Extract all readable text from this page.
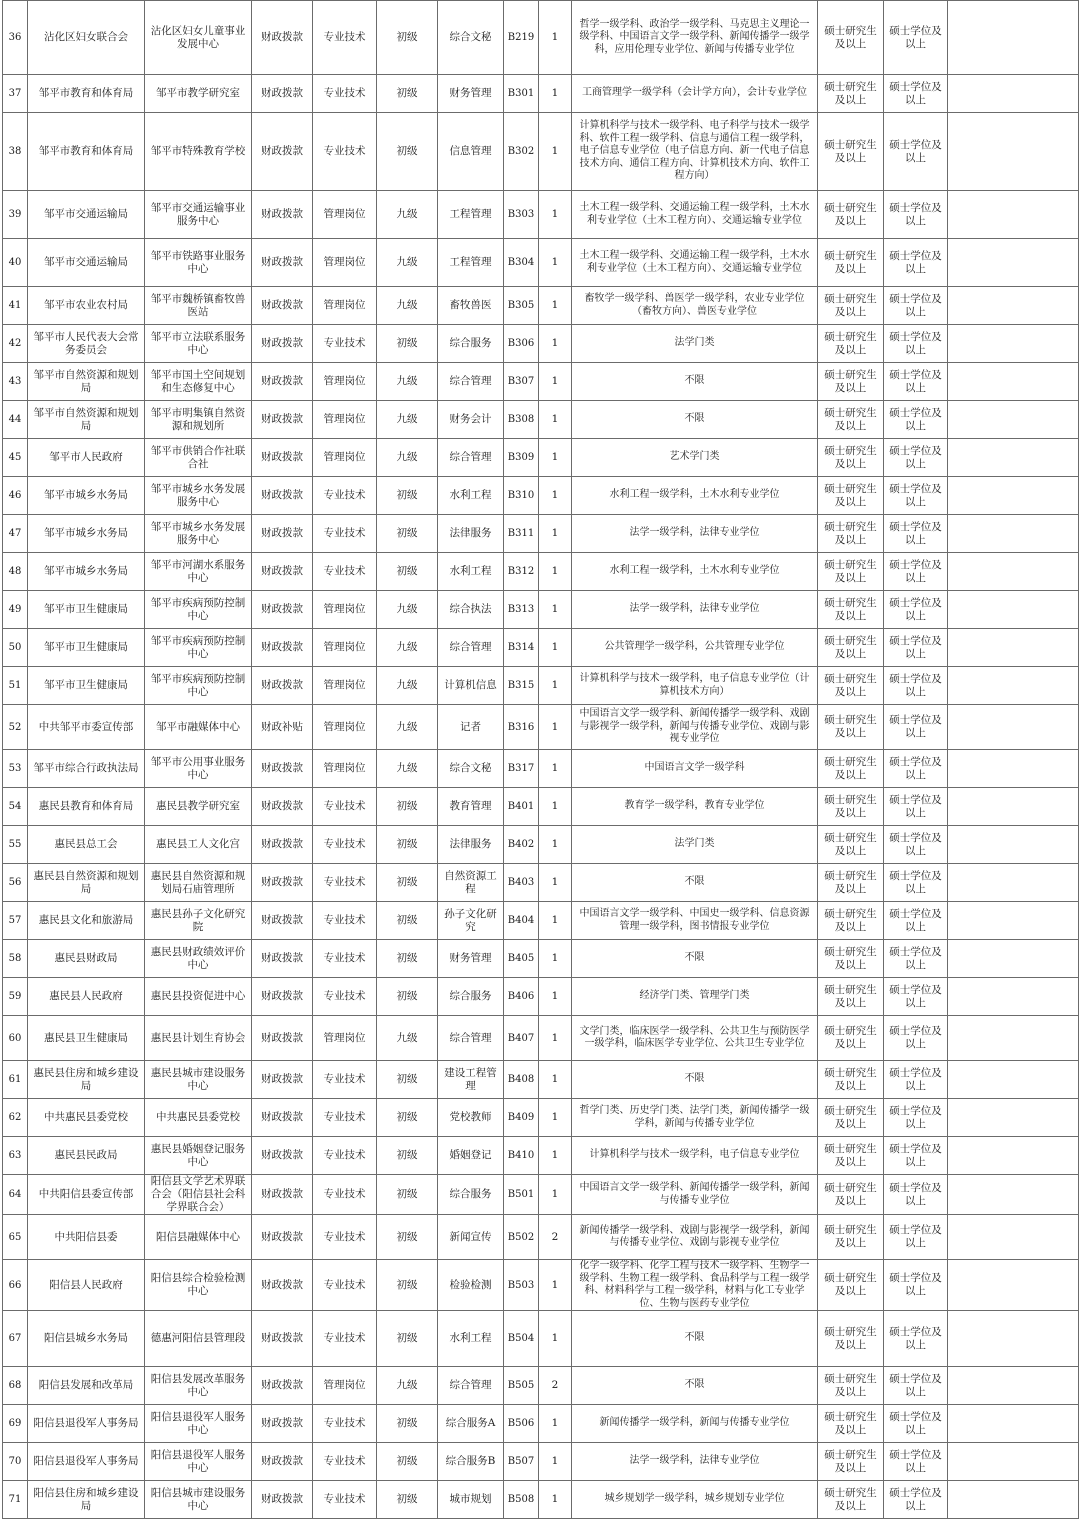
36	沾化区妇女联合会	沾化区妇女儿童事业发展中心	财政拨款	专业技术	初级	综合文秘	B219	1	哲学一级学科、政治学一级学科、马克思主义理论一级学科、中国语言文学一级学科、新闻传播学一级学科，应用伦理专业学位、新闻与传播专业学位	硕士研究生及以上	硕士学位及以上	
37	邹平市教育和体育局	邹平市教学研究室	财政拨款	专业技术	初级	财务管理	B301	1	工商管理学一级学科（会计学方向），会计专业学位	硕士研究生及以上	硕士学位及以上	
38	邹平市教育和体育局	邹平市特殊教育学校	财政拨款	专业技术	初级	信息管理	B302	1	计算机科学与技术一级学科、电子科学与技术一级学科、软件工程一级学科、信息与通信工程一级学科，电子信息专业学位（电子信息方向、新一代电子信息技术方向、通信工程方向、计算机技术方向、软件工程方向）	硕士研究生及以上	硕士学位及以上	
39	邹平市交通运输局	邹平市交通运输事业服务中心	财政拨款	管理岗位	九级	工程管理	B303	1	土木工程一级学科、交通运输工程一级学科，土木水利专业学位（土木工程方向）、交通运输专业学位	硕士研究生及以上	硕士学位及以上	
40	邹平市交通运输局	邹平市铁路事业服务中心	财政拨款	管理岗位	九级	工程管理	B304	1	土木工程一级学科、交通运输工程一级学科，土木水利专业学位（土木工程方向）、交通运输专业学位	硕士研究生及以上	硕士学位及以上	
41	邹平市农业农村局	邹平市魏桥镇畜牧兽医站	财政拨款	管理岗位	九级	畜牧兽医	B305	1	畜牧学一级学科、兽医学一级学科，农业专业学位（畜牧方向）、兽医专业学位	硕士研究生及以上	硕士学位及以上	
42	邹平市人民代表大会常务委员会	邹平市立法联系服务中心	财政拨款	专业技术	初级	综合服务	B306	1	法学门类	硕士研究生及以上	硕士学位及以上	
43	邹平市自然资源和规划局	邹平市国土空间规划和生态修复中心	财政拨款	管理岗位	九级	综合管理	B307	1	不限	硕士研究生及以上	硕士学位及以上	
44	邹平市自然资源和规划局	邹平市明集镇自然资源和规划所	财政拨款	管理岗位	九级	财务会计	B308	1	不限	硕士研究生及以上	硕士学位及以上	
45	邹平市人民政府	邹平市供销合作社联合社	财政拨款	管理岗位	九级	综合管理	B309	1	艺术学门类	硕士研究生及以上	硕士学位及以上	
46	邹平市城乡水务局	邹平市城乡水务发展服务中心	财政拨款	专业技术	初级	水利工程	B310	1	水利工程一级学科，土木水利专业学位	硕士研究生及以上	硕士学位及以上	
47	邹平市城乡水务局	邹平市城乡水务发展服务中心	财政拨款	专业技术	初级	法律服务	B311	1	法学一级学科，法律专业学位	硕士研究生及以上	硕士学位及以上	
48	邹平市城乡水务局	邹平市河湖水系服务中心	财政拨款	专业技术	初级	水利工程	B312	1	水利工程一级学科，土木水利专业学位	硕士研究生及以上	硕士学位及以上	
49	邹平市卫生健康局	邹平市疾病预防控制中心	财政拨款	管理岗位	九级	综合执法	B313	1	法学一级学科，法律专业学位	硕士研究生及以上	硕士学位及以上	
50	邹平市卫生健康局	邹平市疾病预防控制中心	财政拨款	管理岗位	九级	综合管理	B314	1	公共管理学一级学科，公共管理专业学位	硕士研究生及以上	硕士学位及以上	
51	邹平市卫生健康局	邹平市疾病预防控制中心	财政拨款	管理岗位	九级	计算机信息	B315	1	计算机科学与技术一级学科，电子信息专业学位（计算机技术方向）	硕士研究生及以上	硕士学位及以上	
52	中共邹平市委宣传部	邹平市融媒体中心	财政补贴	管理岗位	九级	记者	B316	1	中国语言文学一级学科、新闻传播学一级学科、戏剧与影视学一级学科，新闻与传播专业学位、戏剧与影视专业学位	硕士研究生及以上	硕士学位及以上	
53	邹平市综合行政执法局	邹平市公用事业服务中心	财政拨款	管理岗位	九级	综合文秘	B317	1	中国语言文学一级学科	硕士研究生及以上	硕士学位及以上	
54	惠民县教育和体育局	惠民县教学研究室	财政拨款	专业技术	初级	教育管理	B401	1	教育学一级学科，教育专业学位	硕士研究生及以上	硕士学位及以上	
55	惠民县总工会	惠民县工人文化宫	财政拨款	专业技术	初级	法律服务	B402	1	法学门类	硕士研究生及以上	硕士学位及以上	
56	惠民县自然资源和规划局	惠民县自然资源和规划局石庙管理所	财政拨款	专业技术	初级	自然资源工程	B403	1	不限	硕士研究生及以上	硕士学位及以上	
57	惠民县文化和旅游局	惠民县孙子文化研究院	财政拨款	专业技术	初级	孙子文化研究	B404	1	中国语言文学一级学科、中国史一级学科、信息资源管理一级学科，图书情报专业学位	硕士研究生及以上	硕士学位及以上	
58	惠民县财政局	惠民县财政绩效评价中心	财政拨款	专业技术	初级	财务管理	B405	1	不限	硕士研究生及以上	硕士学位及以上	
59	惠民县人民政府	惠民县投资促进中心	财政拨款	专业技术	初级	综合服务	B406	1	经济学门类、管理学门类	硕士研究生及以上	硕士学位及以上	
60	惠民县卫生健康局	惠民县计划生育协会	财政拨款	管理岗位	九级	综合管理	B407	1	文学门类，临床医学一级学科、公共卫生与预防医学一级学科，临床医学专业学位、公共卫生专业学位	硕士研究生及以上	硕士学位及以上	
61	惠民县住房和城乡建设局	惠民县城市建设服务中心	财政拨款	专业技术	初级	建设工程管理	B408	1	不限	硕士研究生及以上	硕士学位及以上	
62	中共惠民县委党校	中共惠民县委党校	财政拨款	专业技术	初级	党校教师	B409	1	哲学门类、历史学门类、法学门类，新闻传播学一级学科，新闻与传播专业学位	硕士研究生及以上	硕士学位及以上	
63	惠民县民政局	惠民县婚姻登记服务中心	财政拨款	专业技术	初级	婚姻登记	B410	1	计算机科学与技术一级学科，电子信息专业学位	硕士研究生及以上	硕士学位及以上	
64	中共阳信县委宣传部	阳信县文学艺术界联合会（阳信县社会科学界联合会）	财政拨款	专业技术	初级	综合服务	B501	1	中国语言文学一级学科、新闻传播学一级学科，新闻与传播专业学位	硕士研究生及以上	硕士学位及以上	
65	中共阳信县委	阳信县融媒体中心	财政拨款	专业技术	初级	新闻宣传	B502	2	新闻传播学一级学科、戏剧与影视学一级学科，新闻与传播专业学位、戏剧与影视专业学位	硕士研究生及以上	硕士学位及以上	
66	阳信县人民政府	阳信县综合检验检测中心	财政拨款	专业技术	初级	检验检测	B503	1	化学一级学科、化学工程与技术一级学科、生物学一级学科、生物工程一级学科、食品科学与工程一级学科、材料科学与工程一级学科，材料与化工专业学位、生物与医药专业学位	硕士研究生及以上	硕士学位及以上	
67	阳信县城乡水务局	德惠河阳信县管理段	财政拨款	专业技术	初级	水利工程	B504	1	不限	硕士研究生及以上	硕士学位及以上	
68	阳信县发展和改革局	阳信县发展改革服务中心	财政拨款	管理岗位	九级	综合管理	B505	2	不限	硕士研究生及以上	硕士学位及以上	
69	阳信县退役军人事务局	阳信县退役军人服务中心	财政拨款	专业技术	初级	综合服务A	B506	1	新闻传播学一级学科，新闻与传播专业学位	硕士研究生及以上	硕士学位及以上	
70	阳信县退役军人事务局	阳信县退役军人服务中心	财政拨款	专业技术	初级	综合服务B	B507	1	法学一级学科，法律专业学位	硕士研究生及以上	硕士学位及以上	
71	阳信县住房和城乡建设局	阳信县城市建设服务中心	财政拨款	专业技术	初级	城市规划	B508	1	城乡规划学一级学科，城乡规划专业学位	硕士研究生及以上	硕士学位及以上	
